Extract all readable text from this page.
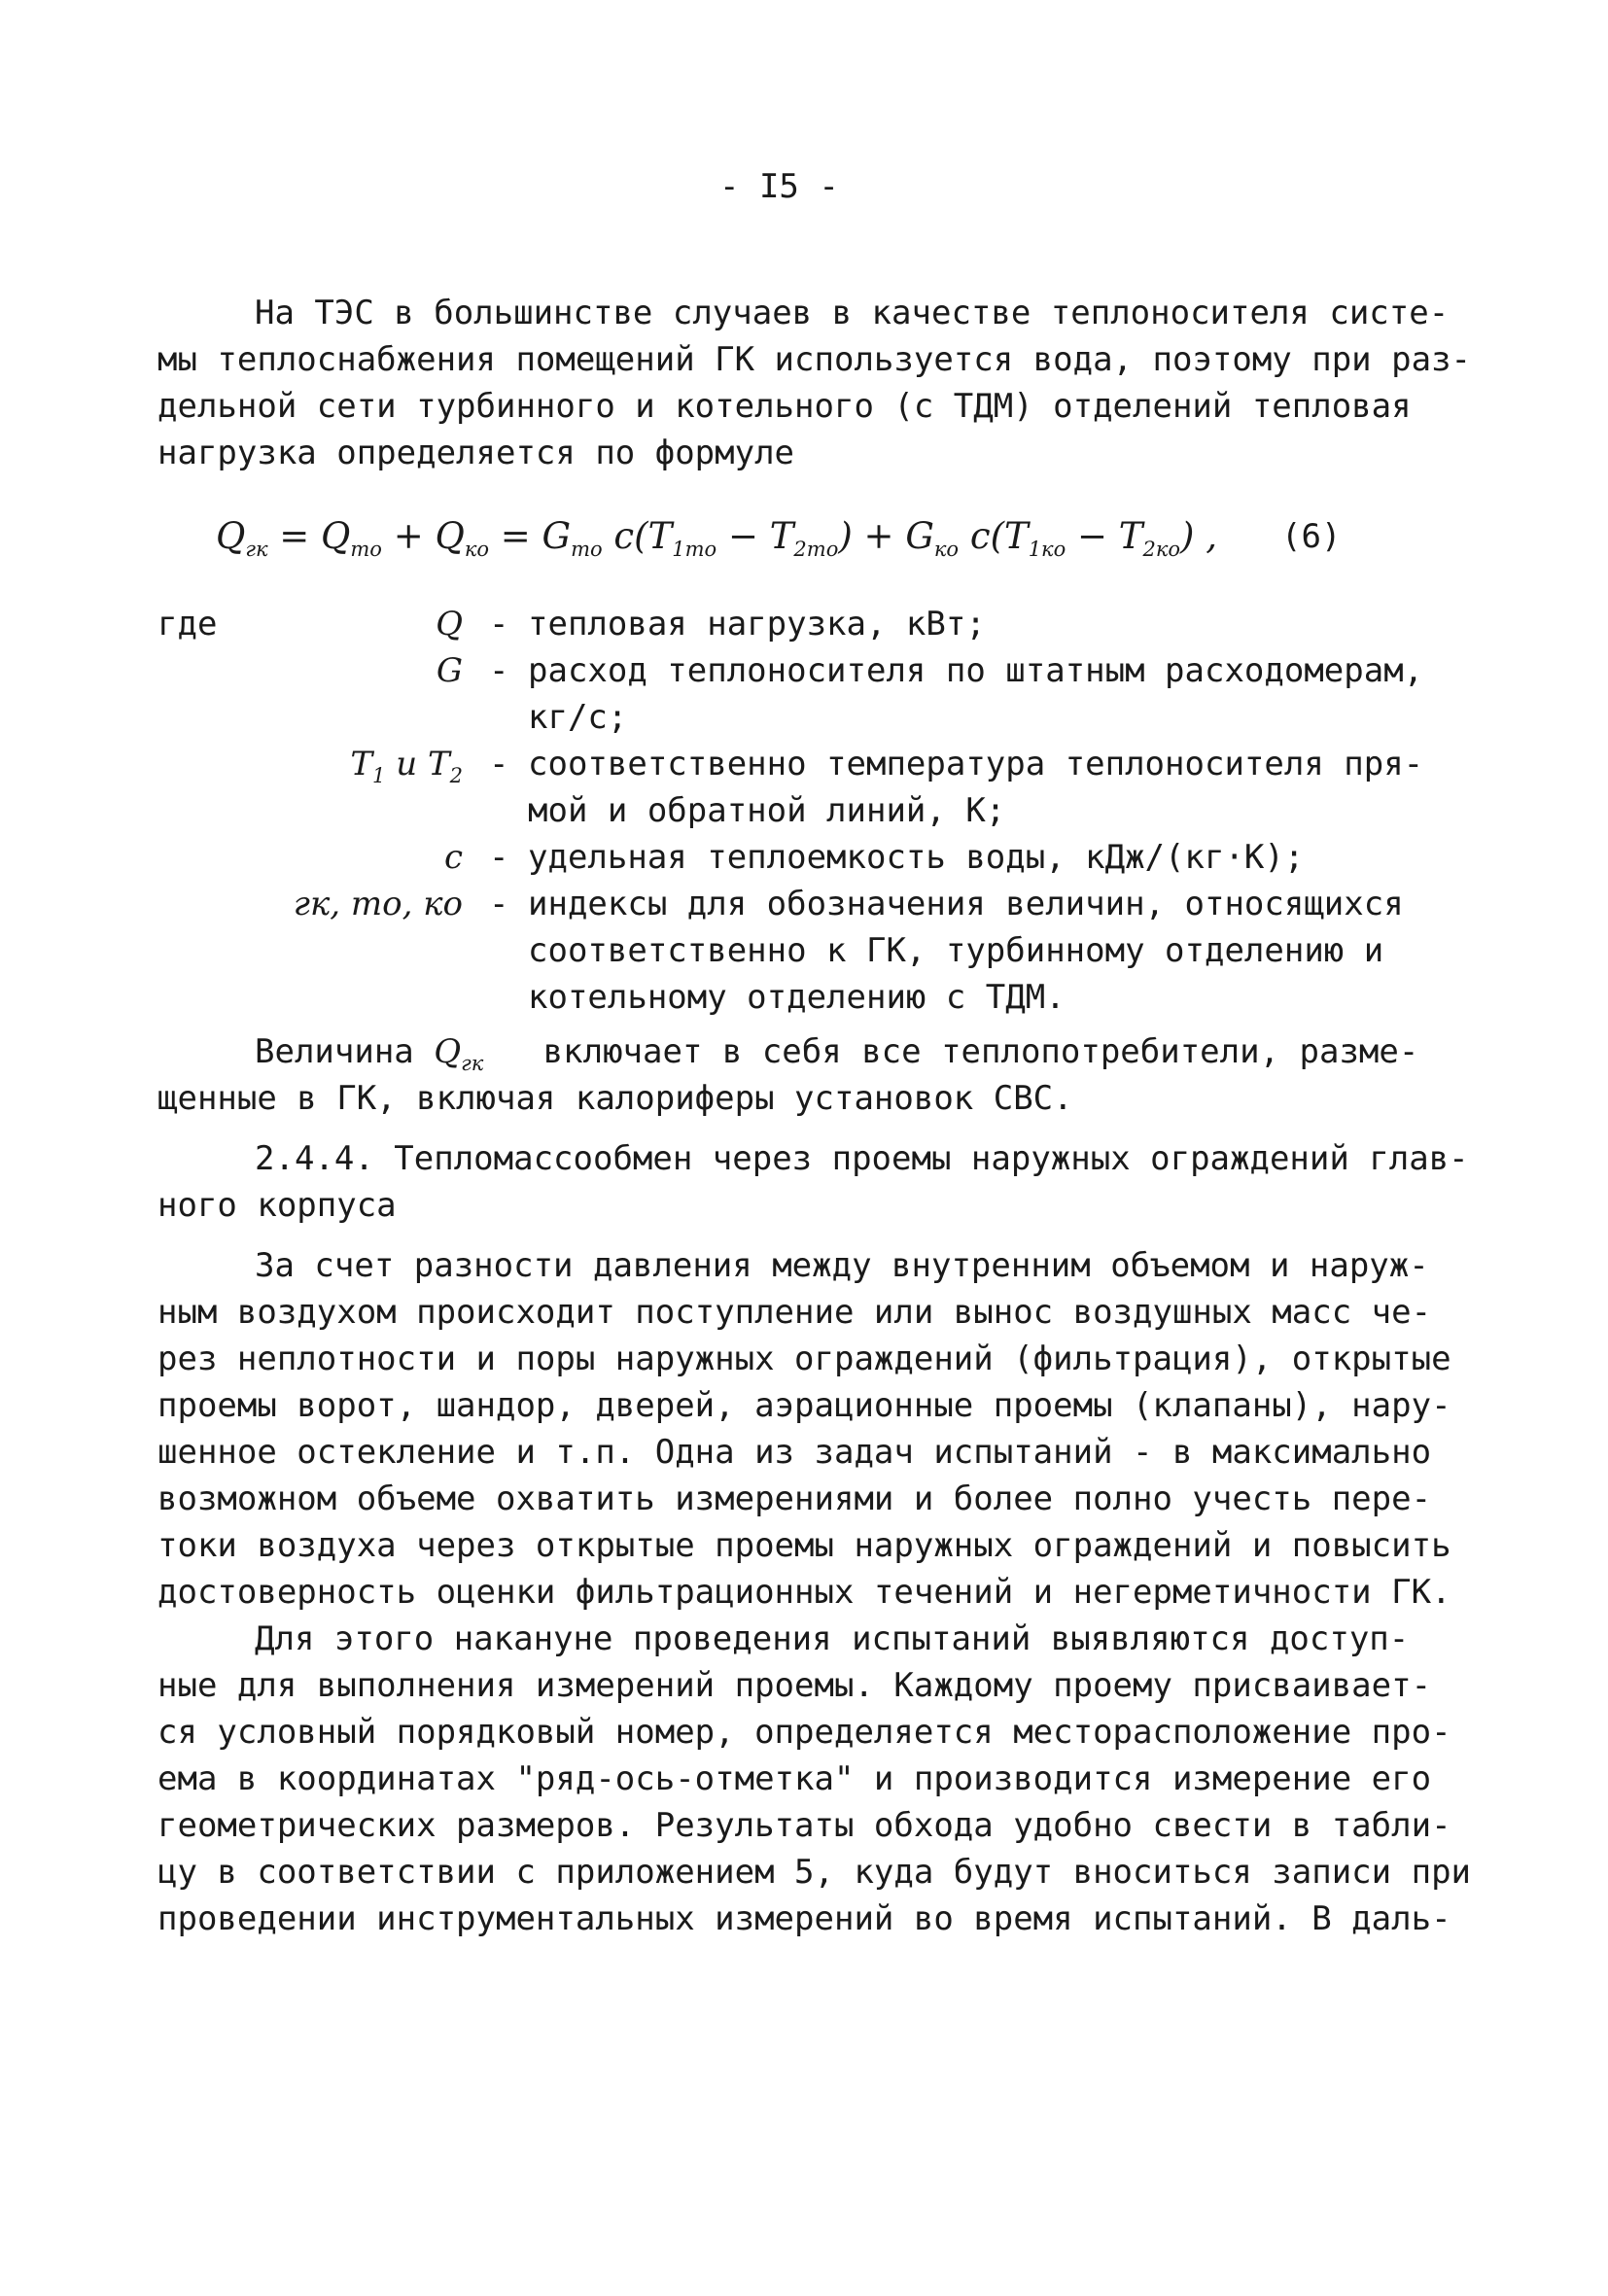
- I5 -
На ТЭС в большинстве случаев в качестве теплоносителя систе-
мы теплоснабжения помещений ГК используется вода, поэтому при раз-
дельной сети турбинного и котельного (с ТДМ) отделений тепловая
нагрузка определяется по формуле
$Q_{гк} = Q_{то} + Q_{ко} = G_{то}$ $c(T_{1то} - T_{2то}) + G_{ко}$ $c(T_{1ко} - T_{2ко})$ , (6)
где	Q - тепловая нагрузка, кВт;
G - расход теплоносителя по штатным расходомерам,
кг/с;
$T_1$ и $T_2$ - соответственно температура теплоносителя пря-
мой и обратной линий, К;
c - удельная теплоемкость воды, кДж/(кг·К);
гк, то, ко - индексы для обозначения величин, относящихся
соответственно к ГК, турбинному отделению и
котельному отделению с ТДМ.
Величина $Q_{гк}$   включает в себя все теплопотребители, разме-
щенные в ГК, включая калориферы установок СВС.
2.4.4. Тепломассообмен через проемы наружных ограждений глав-
ного корпуса
За счет разности давления между внутренним объемом и наруж-
ным воздухом происходит поступление или вынос воздушных масс че-
рез неплотности и поры наружных ограждений (фильтрация), открытые
проемы ворот, шандор, дверей, аэрационные проемы (клапаны), нару-
шенное остекление и т.п. Одна из задач испытаний - в максимально
возможном объеме охватить измерениями и более полно учесть пере-
токи воздуха через открытые проемы наружных ограждений и повысить
достоверность оценки фильтрационных течений и негерметичности ГК.
Для этого накануне проведения испытаний выявляются доступ-
ные для выполнения измерений проемы. Каждому проему присваивает-
ся условный порядковый номер, определяется месторасположение про-
ема в координатах "ряд-ось-отметка" и производится измерение его
геометрических размеров. Результаты обхода удобно свести в табли-
цу в соответствии с приложением 5, куда будут вноситься записи при
проведении инструментальных измерений во время испытаний. В даль-
